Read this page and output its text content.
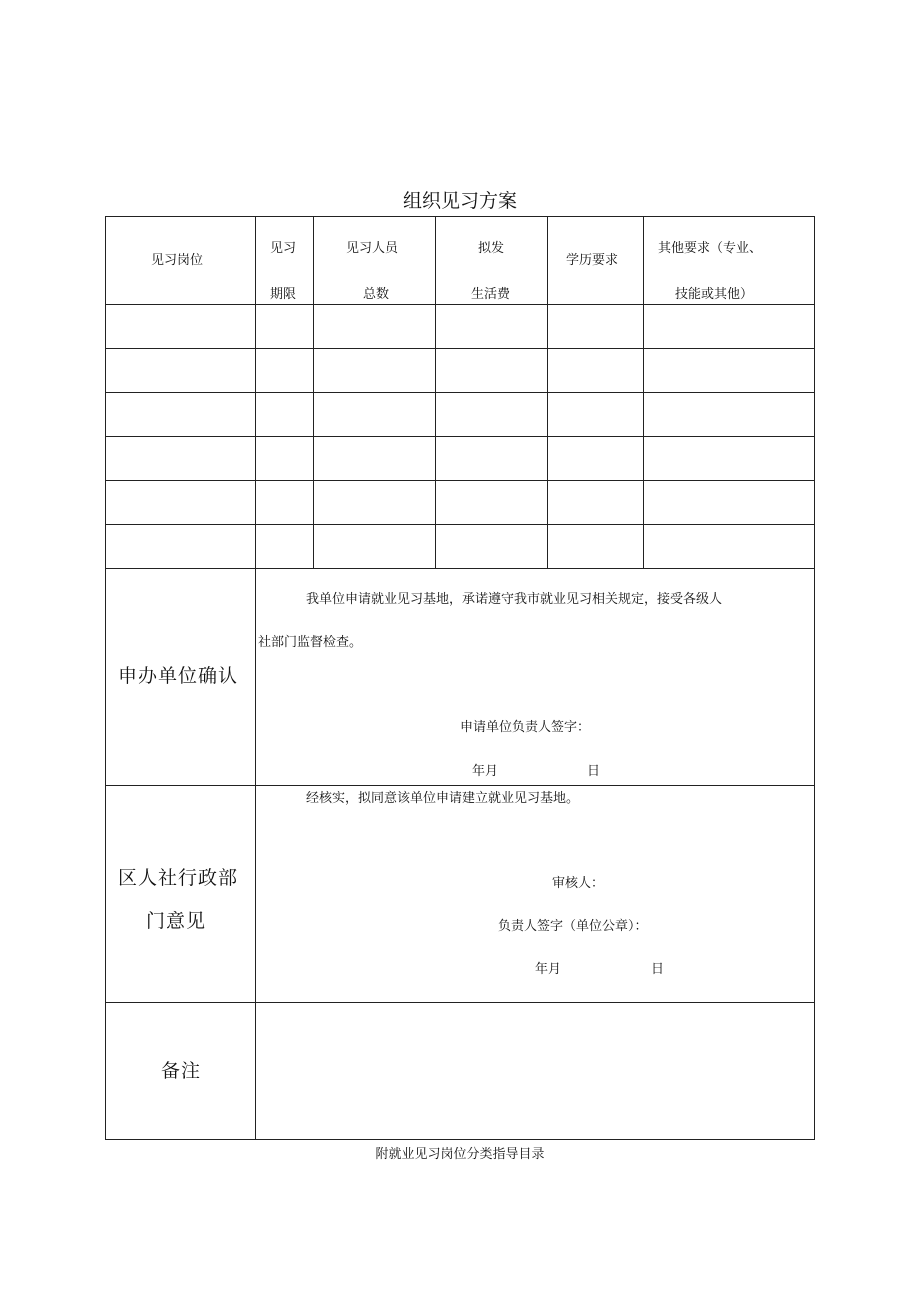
组织见习方案
见习岗位
见习
期限
见习人员
总数
拟发
生活费
学历要求
其他要求（专业、
技能或其他）
申办单位确认
我单位申请就业见习基地，承诺遵守我市就业见习相关规定，接受各级人
社部门监督检查。
申请单位负责人签字：
年月	日
区人社行政部
门意见
经核实，拟同意该单位申请建立就业见习基地。
审核人：
负责人签字（单位公章）：
年月	日
备注
附就业见习岗位分类指导目录
